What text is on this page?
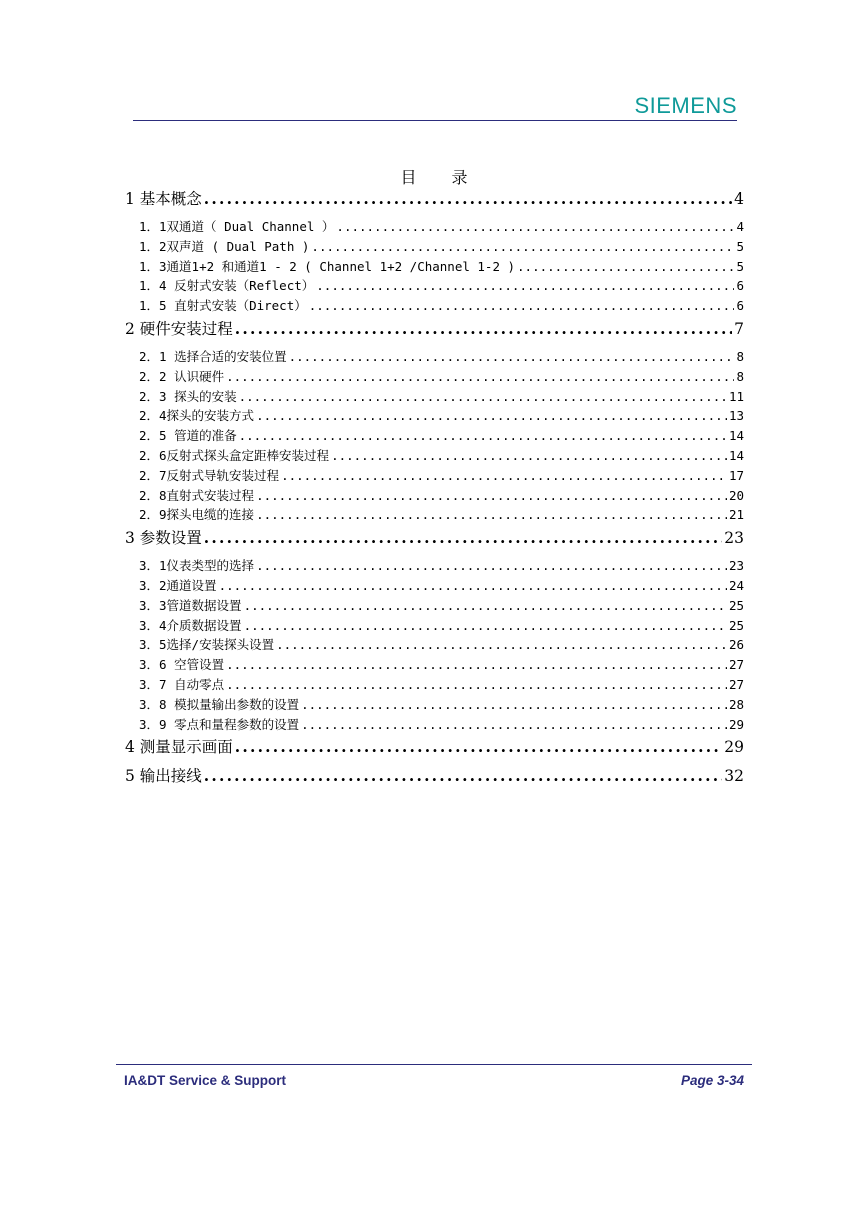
SIEMENS
目 录
1 基本概念 .....	4
1．1双通道（ Dual Channel ） .....	4
1．2双声道 ( Dual Path ) .....	5
1．3通道1+2 和通道1 - 2 ( Channel 1+2 /Channel 1-2 ) .....	5
1．4 反射式安装（Reflect） .....	6
1．5 直射式安装（Direct） .....	6
2 硬件安装过程 .....	7
2．1 选择合适的安装位置 .....	8
2．2 认识硬件 .....	8
2．3 探头的安装 .....	11
2．4探头的安装方式 .....	13
2．5 管道的准备 .....	14
2．6反射式探头盒定距棒安装过程 .....	14
2．7反射式导轨安装过程 .....	17
2．8直射式安装过程 .....	20
2．9探头电缆的连接 .....	21
3 参数设置 .....	23
3．1仪表类型的选择 .....	23
3．2通道设置 .....	24
3．3管道数据设置 .....	25
3．4介质数据设置 .....	25
3．5选择/安装探头设置 .....	26
3．6 空管设置 .....	27
3．7 自动零点 .....	27
3．8 模拟量输出参数的设置 .....	28
3．9 零点和量程参数的设置 .....	29
4 测量显示画面 .....	29
5 输出接线 .....	32
IA&DT Service & Support	Page 3-34
